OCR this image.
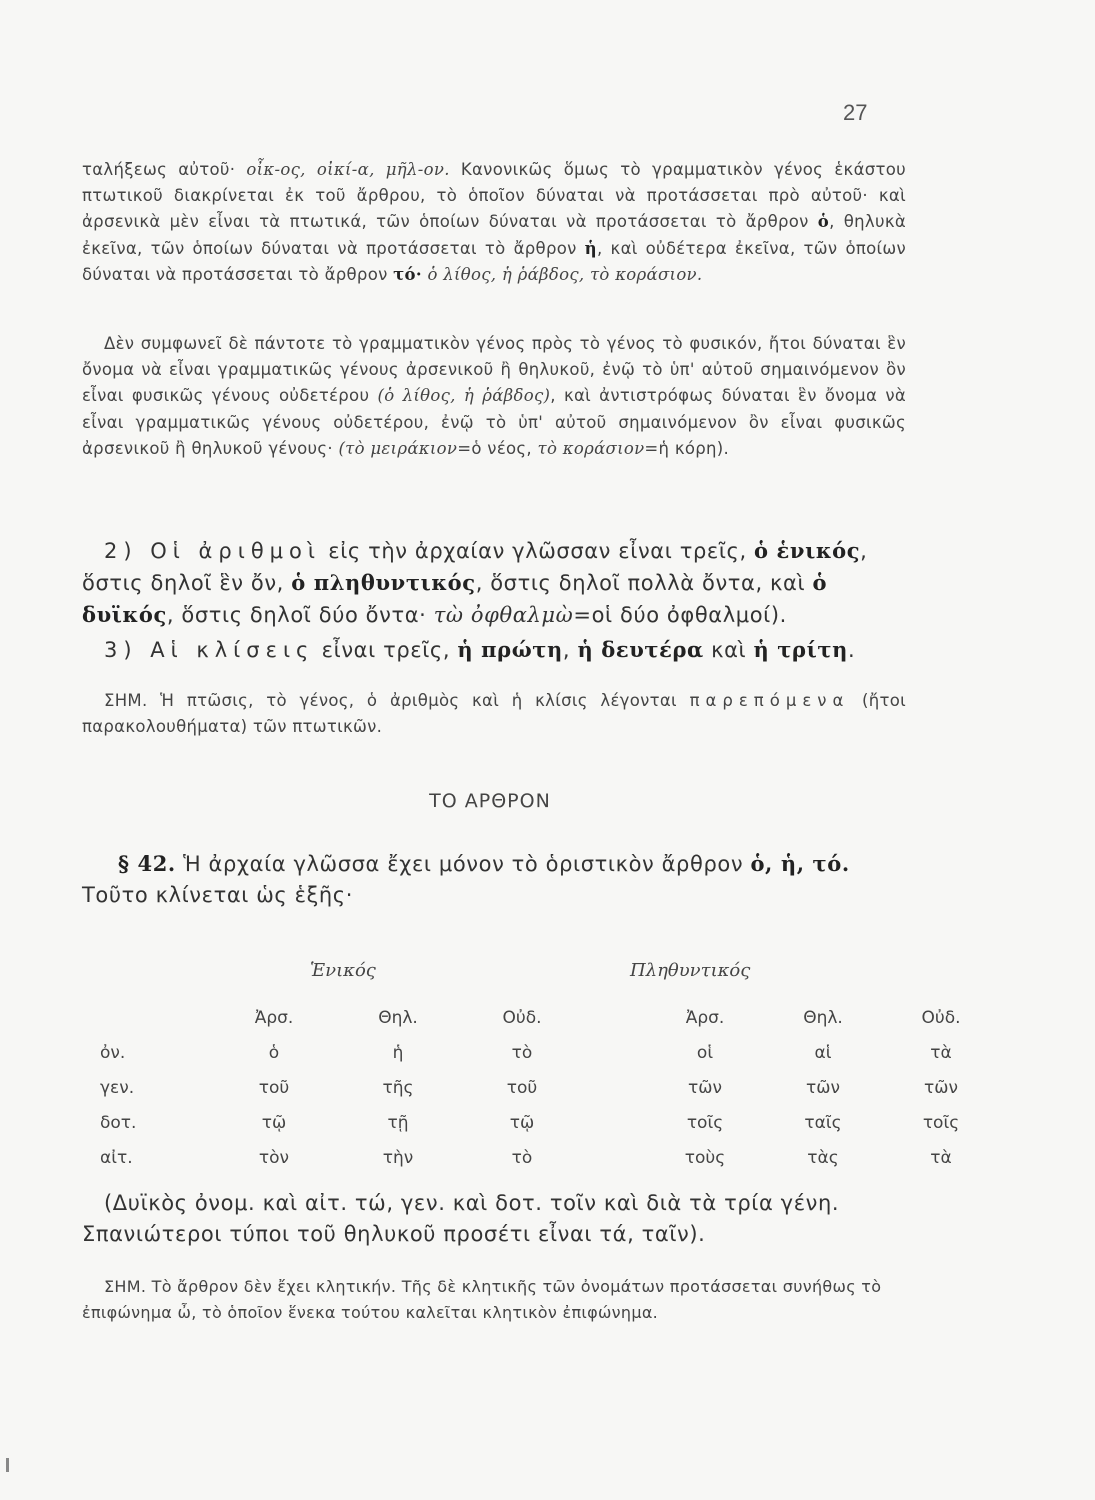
27
ταλήξεως αὐτοῦ· οἶκ-ος, οἰκί-α, μῆλ-ον. Κανονικῶς ὅμως τὸ γραμματικὸν γένος ἑκάστου πτωτικοῦ διακρίνεται ἐκ τοῦ ἄρθρου, τὸ ὁποῖον δύναται νὰ προτάσσεται πρὸ αὐτοῦ· καὶ ἀρσενικὰ μὲν εἶναι τὰ πτωτικά, τῶν ὁποίων δύναται νὰ προτάσσεται τὸ ἄρθρον ὁ, θηλυκὰ ἐκεῖνα, τῶν ὁποίων δύναται νὰ προτάσσεται τὸ ἄρθρον ἡ, καὶ οὐδέτερα ἐκεῖνα, τῶν ὁποίων δύναται νὰ προτάσσεται τὸ ἄρθρον τό· ὁ λίθος, ἡ ῥάβδος, τὸ κοράσιον.
Δὲν συμφωνεῖ δὲ πάντοτε τὸ γραμματικὸν γένος πρὸς τὸ γένος τὸ φυσικόν, ἤτοι δύναται ἓν ὄνομα νὰ εἶναι γραμματικῶς γένους ἀρσενικοῦ ἢ θηλυκοῦ, ἐνῷ τὸ ὑπ' αὐτοῦ σημαινόμενον ὂν εἶναι φυσικῶς γένους οὐδετέρου (ὁ λίθος, ἡ ῥάβδος), καὶ ἀντιστρόφως δύναται ἓν ὄνομα νὰ εἶναι γραμματικῶς γένους οὐδετέρου, ἐνῷ τὸ ὑπ' αὐτοῦ σημαινόμενον ὂν εἶναι φυσικῶς ἀρσενικοῦ ἢ θηλυκοῦ γένους· (τὸ μειράκιον=ὁ νέος, τὸ κοράσιον=ἡ κόρη).
2) Οἱ ἀριθμοὶ εἰς τὴν ἀρχαίαν γλῶσσαν εἶναι τρεῖς, ὁ ἑνικός, ὅστις δηλοῖ ἓν ὄν, ὁ πληθυντικός, ὅστις δηλοῖ πολλὰ ὄντα, καὶ ὁ δυϊκός, ὅστις δηλοῖ δύο ὄντα· τὼ ὀφθαλμὼ=οἱ δύο ὀφθαλμοί).
3) Αἱ κλίσεις εἶναι τρεῖς, ἡ πρώτη, ἡ δευτέρα καὶ ἡ τρίτη.
ΣΗΜ. Ἡ πτῶσις, τὸ γένος, ὁ ἀριθμὸς καὶ ἡ κλίσις λέγονται παρεπόμενα (ἤτοι παρακολουθήματα) τῶν πτωτικῶν.
ΤΟ ΑΡΘΡΟΝ
§ 42. Ἡ ἀρχαία γλῶσσα ἔχει μόνον τὸ ὁριστικὸν ἄρθρον ὁ, ἡ, τό. Τοῦτο κλίνεται ὡς ἑξῆς·
Ἑνικός	Πληθυντικός
	Ἀρσ.	Θηλ.	Οὐδ.		Ἀρσ.	Θηλ.	Οὐδ.
ὀν.	ὁ	ἡ	τὸ		οἱ	αἱ	τὰ
γεν.	τοῦ	τῆς	τοῦ		τῶν	τῶν	τῶν
δοτ.	τῷ	τῇ	τῷ		τοῖς	ταῖς	τοῖς
αἰτ.	τὸν	τὴν	τὸ		τοὺς	τὰς	τὰ
(Δυϊκὸς ὀνομ. καὶ αἰτ. τώ, γεν. καὶ δοτ. τοῖν καὶ διὰ τὰ τρία γένη. Σπανιώτεροι τύποι τοῦ θηλυκοῦ προσέτι εἶναι τά, ταῖν).
ΣΗΜ. Τὸ ἄρθρον δὲν ἔχει κλητικήν. Τῆς δὲ κλητικῆς τῶν ὀνομάτων προτάσσεται συνήθως τὸ ἐπιφώνημα ὦ, τὸ ὁποῖον ἕνεκα τούτου καλεῖται κλητικὸν ἐπιφώνημα.
